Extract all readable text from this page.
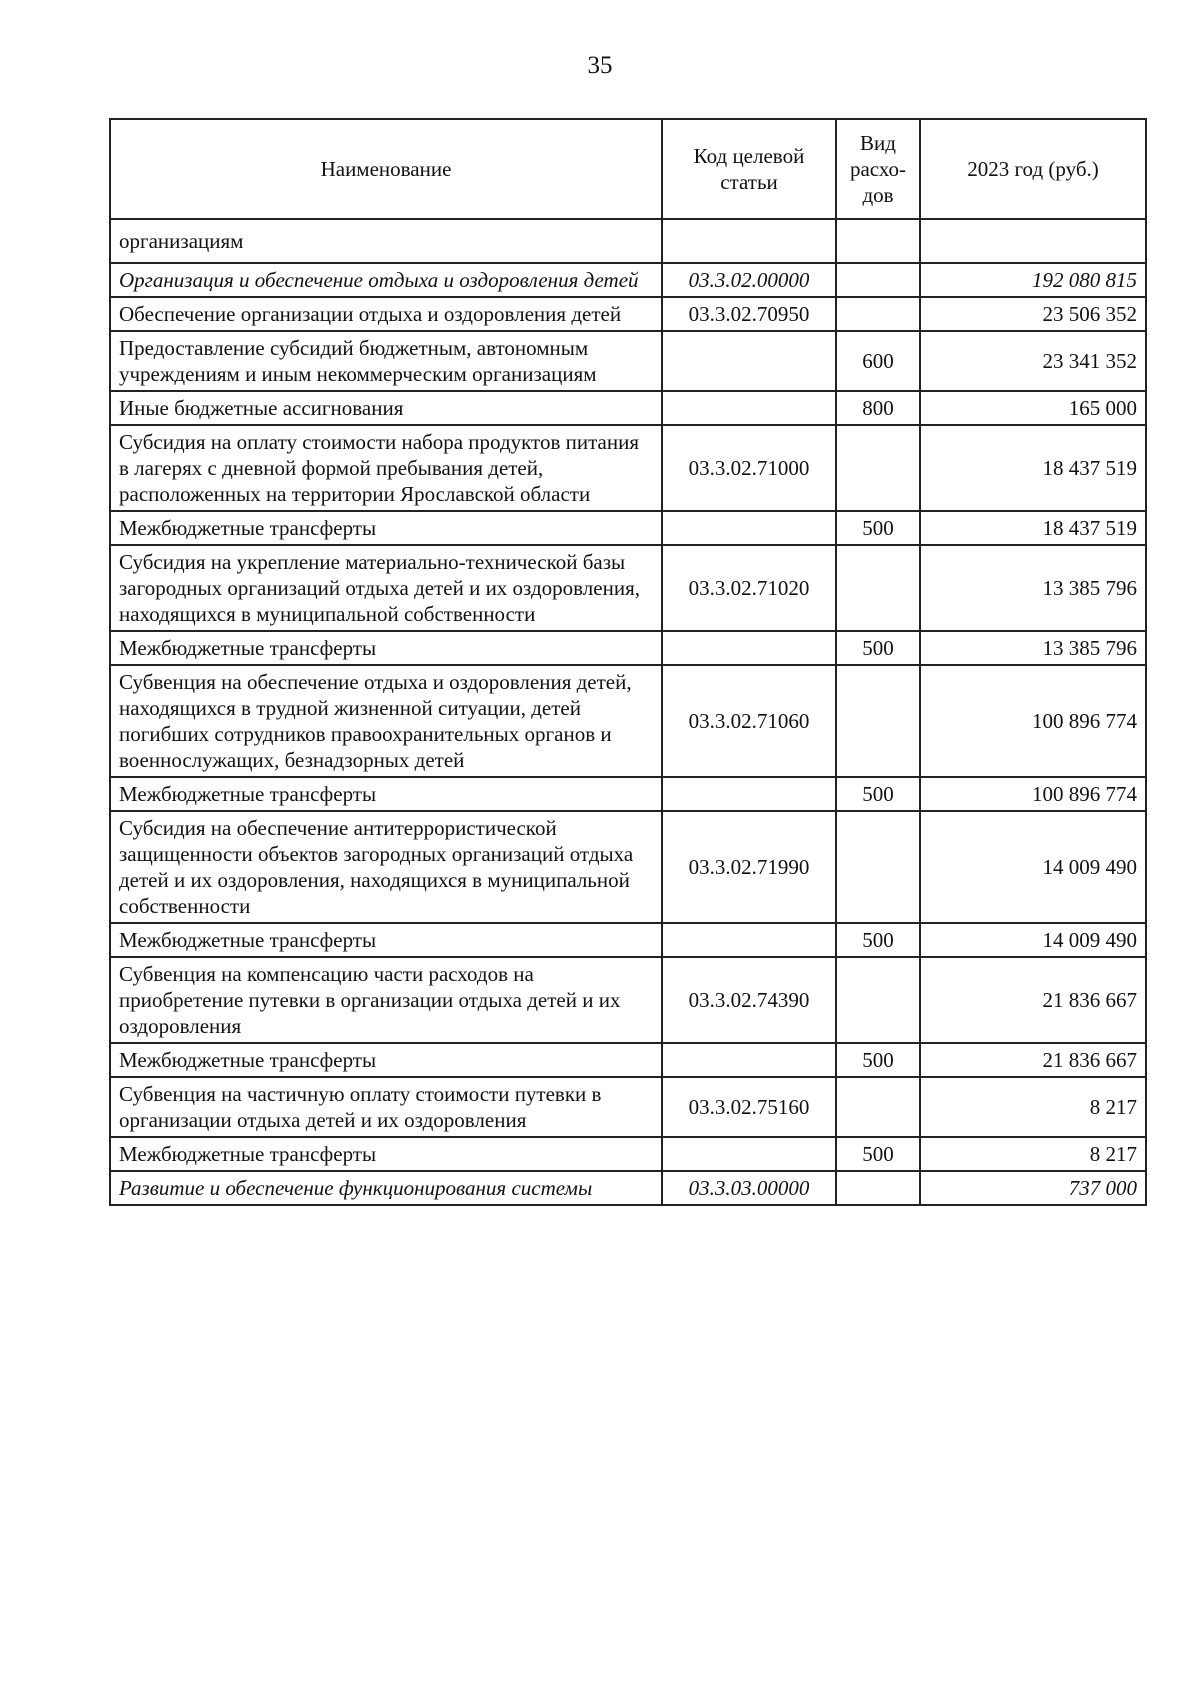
35
Наименование	Код целевой статьи	Вид расхо-дов	2023 год (руб.)
организациям			
Организация и обеспечение отдыха и оздоровления детей	03.3.02.00000		192 080 815
Обеспечение организации отдыха и оздоровления детей	03.3.02.70950		23 506 352
Предоставление субсидий бюджетным, автономным учреждениям и иным некоммерческим организациям		600	23 341 352
Иные бюджетные ассигнования		800	165 000
Субсидия на оплату стоимости набора продуктов питания в лагерях с дневной формой пребывания детей, расположенных на территории Ярославской области	03.3.02.71000		18 437 519
Межбюджетные трансферты		500	18 437 519
Субсидия на укрепление материально-технической базы загородных организаций отдыха детей и их оздоровления, находящихся в муниципальной собственности	03.3.02.71020		13 385 796
Межбюджетные трансферты		500	13 385 796
Субвенция на обеспечение отдыха и оздоровления детей, находящихся в трудной жизненной ситуации, детей погибших сотрудников правоохранительных органов и военнослужащих, безнадзорных детей	03.3.02.71060		100 896 774
Межбюджетные трансферты		500	100 896 774
Субсидия на обеспечение антитеррористической защищенности объектов загородных организаций отдыха детей и их оздоровления, находящихся в муниципальной собственности	03.3.02.71990		14 009 490
Межбюджетные трансферты		500	14 009 490
Субвенция на компенсацию части расходов на приобретение путевки в организации отдыха детей и их оздоровления	03.3.02.74390		21 836 667
Межбюджетные трансферты		500	21 836 667
Субвенция на частичную оплату стоимости путевки в организации отдыха детей и их оздоровления	03.3.02.75160		8 217
Межбюджетные трансферты		500	8 217
Развитие и обеспечение функционирования системы	03.3.03.00000		737 000
